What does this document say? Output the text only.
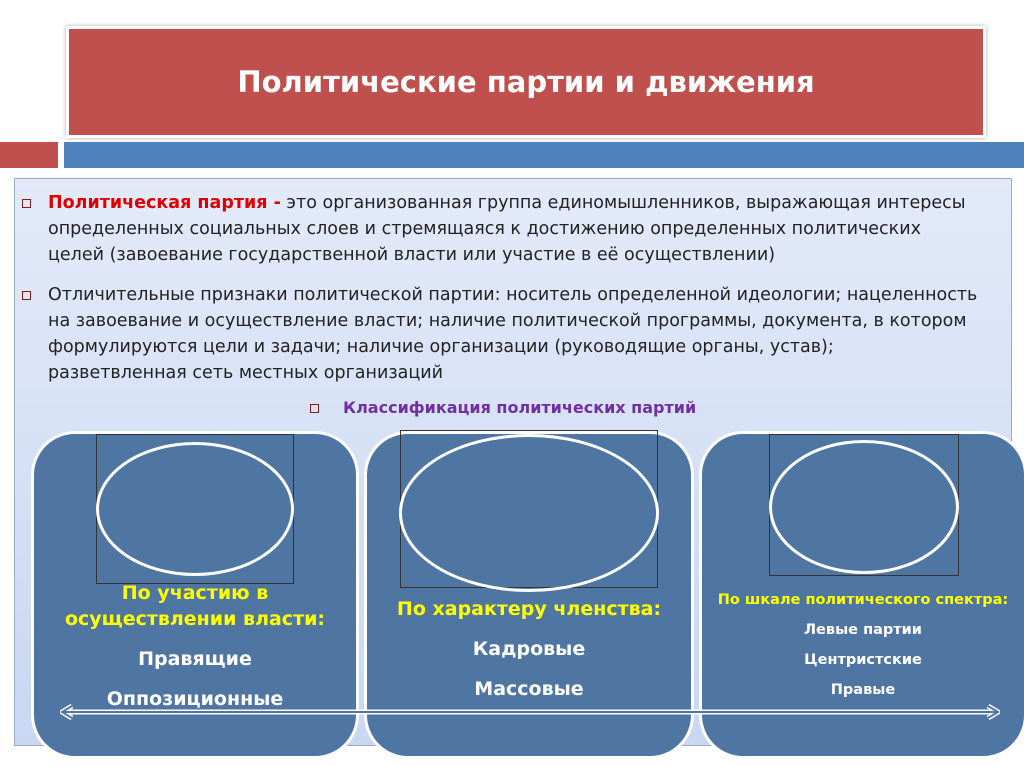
Политические партии и движения
Политическая партия - это организованная группа единомышленников, выражающая интересы определенных социальных слоев и стремящаяся к достижению определенных политических целей (завоевание государственной власти или участие в её осуществлении)
Отличительные признаки политической партии: носитель определенной идеологии; нацеленность на завоевание и осуществление власти; наличие политической программы, документа, в котором формулируются цели и задачи; наличие организации (руководящие органы, устав); разветвленная сеть местных организаций
Классификация политических партий
По участию в осуществлении власти:
Правящие
Оппозиционные
По характеру членства:
Кадровые
Массовые
По шкале политического спектра:
Левые партии
Центристские
Правые
